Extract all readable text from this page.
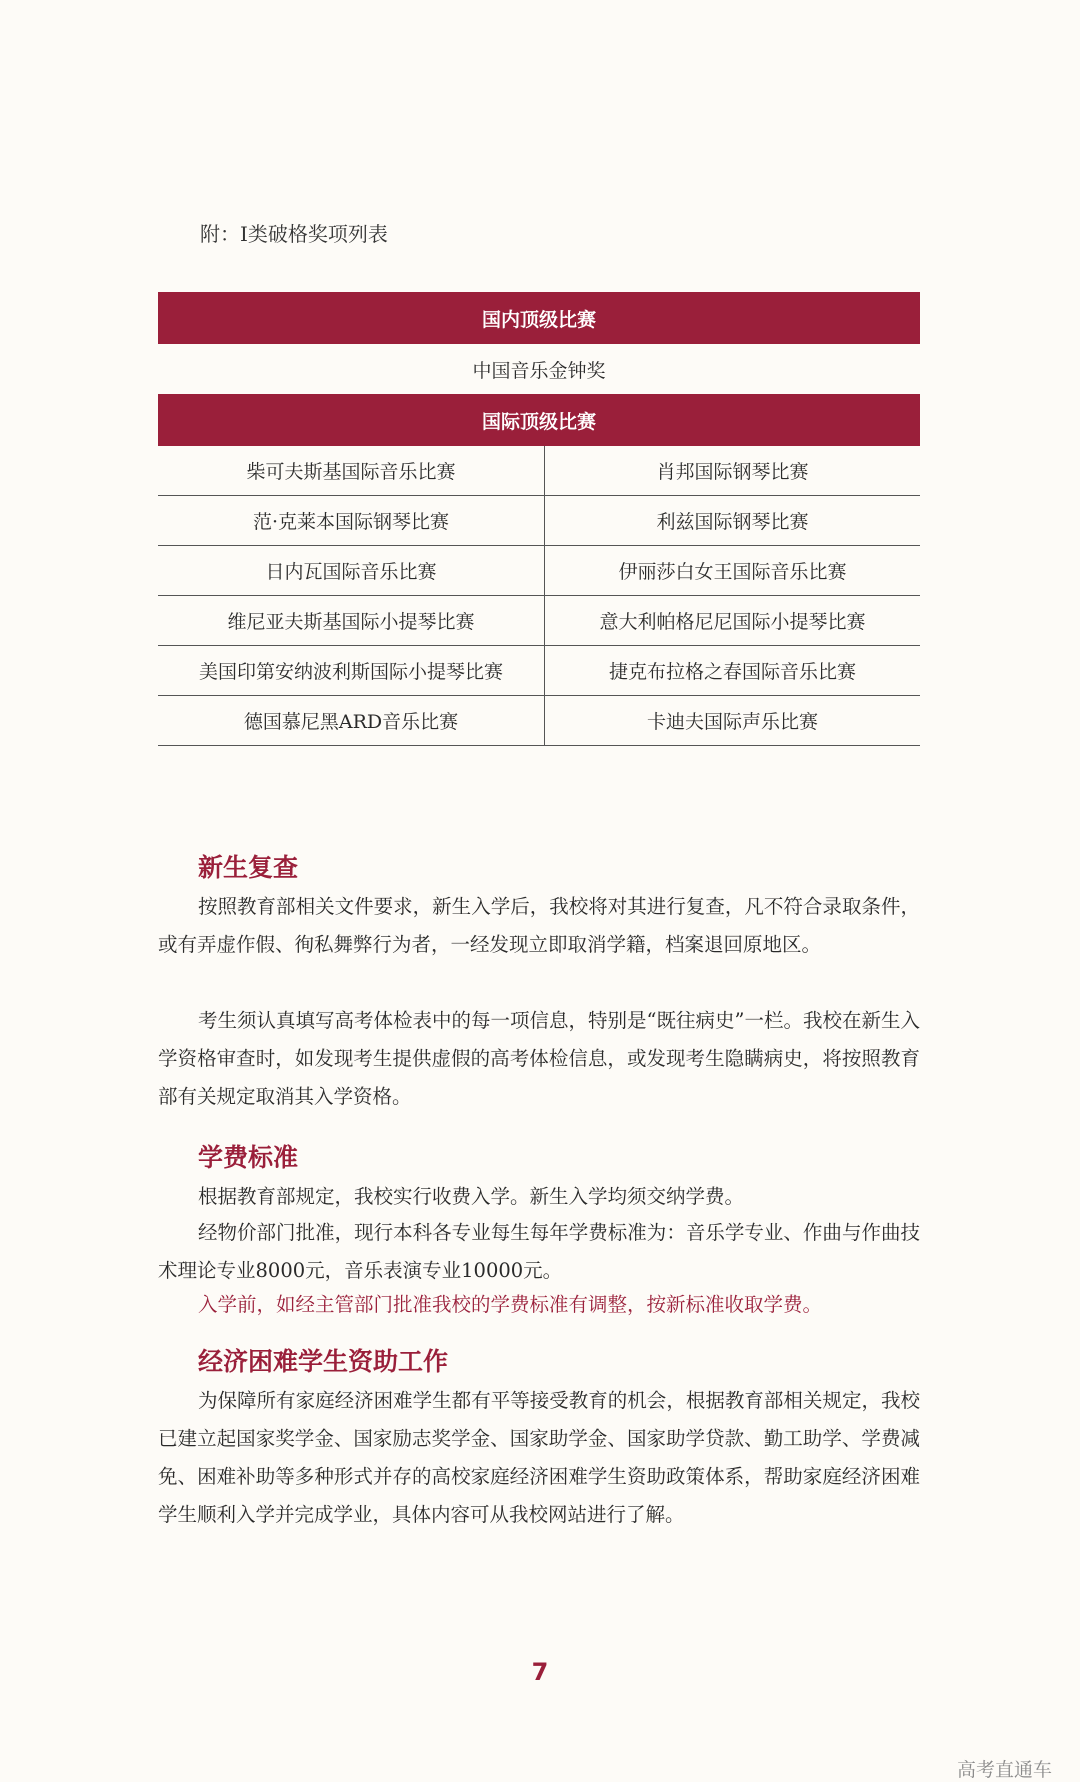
附：Ⅰ类破格奖项列表
国内顶级比赛
中国音乐金钟奖
国际顶级比赛
柴可夫斯基国际音乐比赛	肖邦国际钢琴比赛
范·克莱本国际钢琴比赛	利兹国际钢琴比赛
日内瓦国际音乐比赛	伊丽莎白女王国际音乐比赛
维尼亚夫斯基国际小提琴比赛	意大利帕格尼尼国际小提琴比赛
美国印第安纳波利斯国际小提琴比赛	捷克布拉格之春国际音乐比赛
德国慕尼黑ARD音乐比赛	卡迪夫国际声乐比赛
新生复查

按照教育部相关文件要求，新生入学后，我校将对其进行复查，凡不符合录取条件，或有弄虚作假、徇私舞弊行为者，一经发现立即取消学籍，档案退回原地区。

考生须认真填写高考体检表中的每一项信息，特别是“既往病史”一栏。我校在新生入学资格审查时，如发现考生提供虚假的高考体检信息，或发现考生隐瞒病史，将按照教育部有关规定取消其入学资格。

学费标准

根据教育部规定，我校实行收费入学。新生入学均须交纳学费。

经物价部门批准，现行本科各专业每生每年学费标准为：音乐学专业、作曲与作曲技术理论专业8000元，音乐表演专业10000元。

入学前，如经主管部门批准我校的学费标准有调整，按新标准收取学费。

经济困难学生资助工作

为保障所有家庭经济困难学生都有平等接受教育的机会，根据教育部相关规定，我校已建立起国家奖学金、国家励志奖学金、国家助学金、国家助学贷款、勤工助学、学费减免、困难补助等多种形式并存的高校家庭经济困难学生资助政策体系，帮助家庭经济困难学生顺利入学并完成学业，具体内容可从我校网站进行了解。

7
高考直通车
